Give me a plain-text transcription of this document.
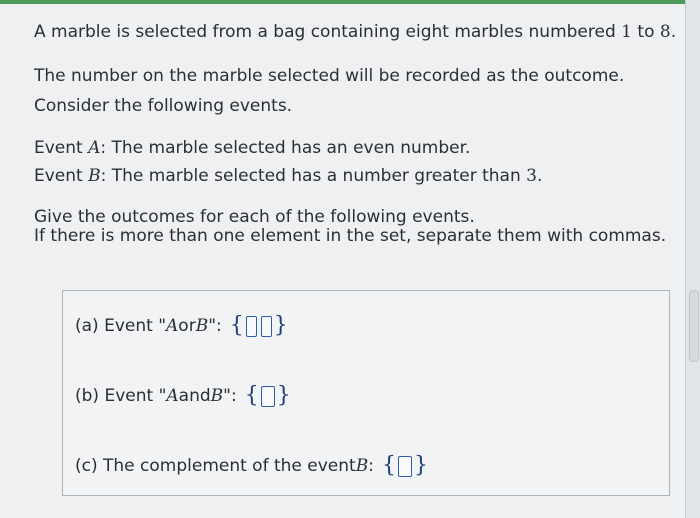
A marble is selected from a bag containing eight marbles numbered 1 to 8.
The number on the marble selected will be recorded as the outcome.
Consider the following events.
Event A: The marble selected has an even number.
Event B: The marble selected has a number greater than 3.
Give the outcomes for each of the following events.
If there is more than one element in the set, separate them with commas.
(a) Event " A or B ": { }
(b) Event " A and B ": { }
(c) The complement of the event B : { }
